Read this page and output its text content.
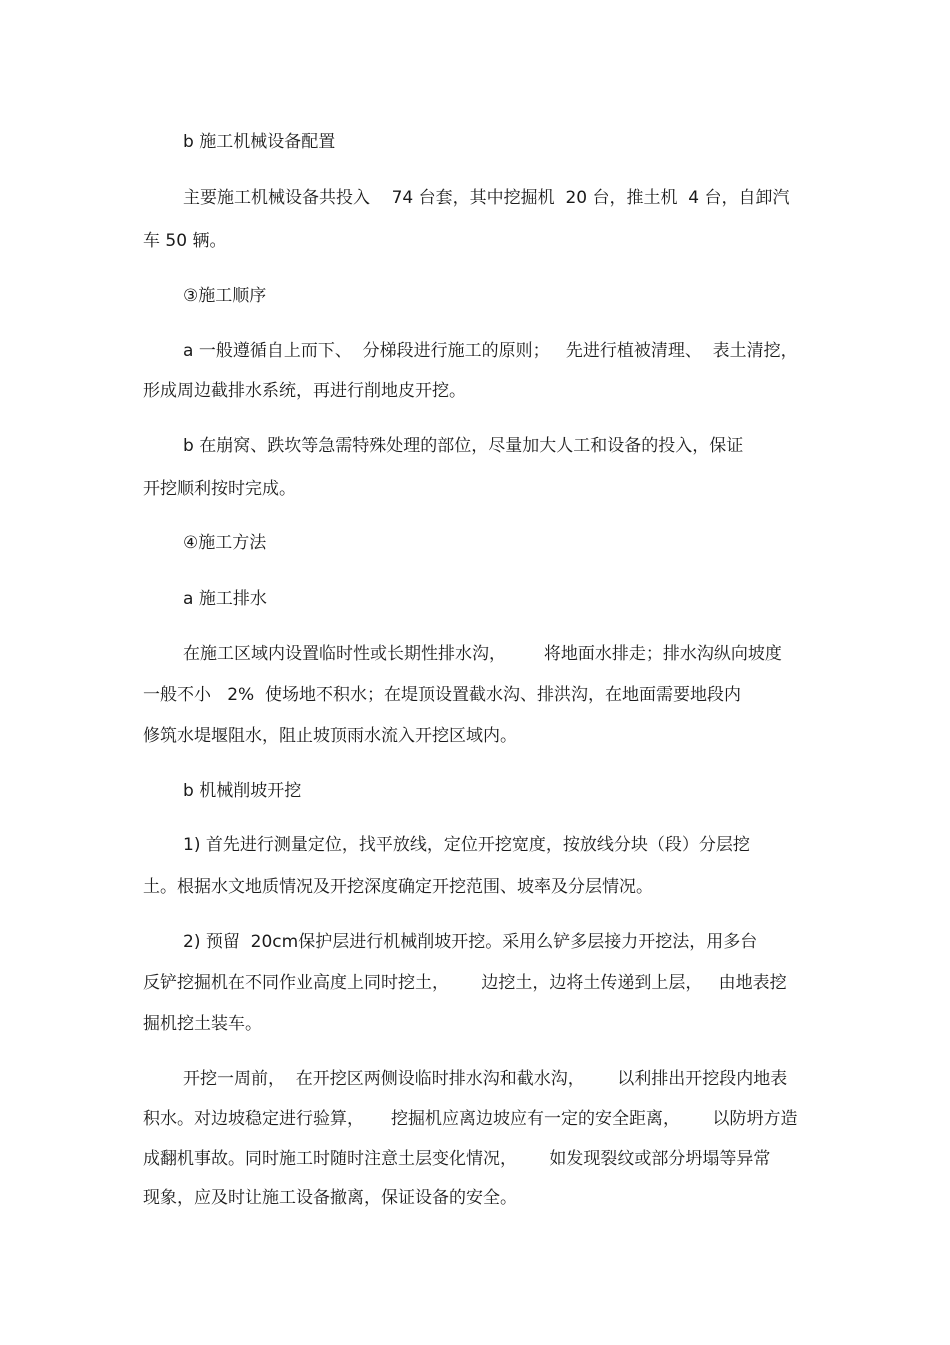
b 施工机械设备配置

主要施工机械设备共投入    74 台套，其中挖掘机  20 台，推土机  4 台，自卸汽

车 50 辆。

③施工顺序

a 一般遵循自上而下、  分梯段进行施工的原则；   先进行植被清理、  表土清挖，

形成周边截排水系统，再进行削地皮开挖。

b 在崩窝、跌坎等急需特殊处理的部位，尽量加大人工和设备的投入，保证

开挖顺利按时完成。

④施工方法

a 施工排水

在施工区域内设置临时性或长期性排水沟，       将地面水排走；排水沟纵向坡度

一般不小   2%  使场地不积水；在堤顶设置截水沟、排洪沟，在地面需要地段内

修筑水堤堰阻水，阻止坡顶雨水流入开挖区域内。

b 机械削坡开挖

1) 首先进行测量定位，找平放线，定位开挖宽度，按放线分块（段）分层挖

土。根据水文地质情况及开挖深度确定开挖范围、坡率及分层情况。

2) 预留  20cm保护层进行机械削坡开挖。采用么铲多层接力开挖法，用多台

反铲挖掘机在不同作业高度上同时挖土，      边挖土，边将土传递到上层，   由地表挖

掘机挖土装车。

开挖一周前，  在开挖区两侧设临时排水沟和截水沟，      以利排出开挖段内地表

积水。对边坡稳定进行验算，     挖掘机应离边坡应有一定的安全距离，      以防坍方造

成翻机事故。同时施工时随时注意土层变化情况，      如发现裂纹或部分坍塌等异常

现象，应及时让施工设备撤离，保证设备的安全。
